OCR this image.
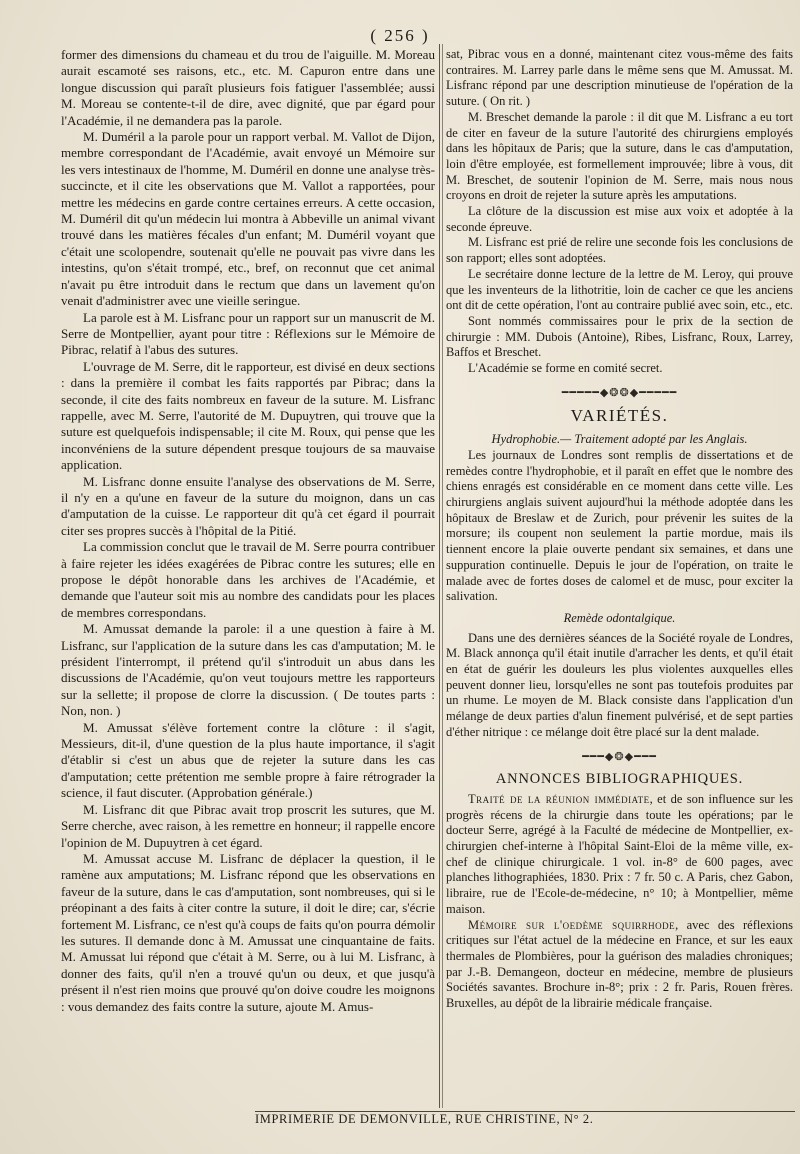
( 256 )

former des dimensions du chameau et du trou de l'aiguille. M. Moreau aurait escamoté ses raisons, etc., etc. M. Capuron entre dans une longue discussion qui paraît plusieurs fois fatiguer l'assemblée; aussi M. Moreau se contente-t-il de dire, avec dignité, que par égard pour l'Académie, il ne demandera pas la parole.

M. Duméril a la parole pour un rapport verbal. M. Vallot de Dijon, membre correspondant de l'Académie, avait envoyé un Mémoire sur les vers intestinaux de l'homme, M. Duméril en donne une analyse très-succincte, et il cite les observations que M. Vallot a rapportées, pour mettre les médecins en garde contre certaines erreurs. A cette occasion, M. Duméril dit qu'un médecin lui montra à Abbeville un animal vivant trouvé dans les matières fécales d'un enfant; M. Duméril voyant que c'était une scolopendre, soutenait qu'elle ne pouvait pas vivre dans les intestins, qu'on s'était trompé, etc., bref, on reconnut que cet animal n'avait pu être introduit dans le rectum que dans un lavement qu'on venait d'administrer avec une vieille seringue.

La parole est à M. Lisfranc pour un rapport sur un manuscrit de M. Serre de Montpellier, ayant pour titre : Réflexions sur le Mémoire de Pibrac, relatif à l'abus des sutures.

L'ouvrage de M. Serre, dit le rapporteur, est divisé en deux sections : dans la première il combat les faits rapportés par Pibrac; dans la seconde, il cite des faits nombreux en faveur de la suture. M. Lisfranc rappelle, avec M. Serre, l'autorité de M. Dupuytren, qui trouve que la suture est quelquefois indispensable; il cite M. Roux, qui pense que les inconvéniens de la suture dépendent presque toujours de sa mauvaise application.

M. Lisfranc donne ensuite l'analyse des observations de M. Serre, il n'y en a qu'une en faveur de la suture du moignon, dans un cas d'amputation de la cuisse. Le rapporteur dit qu'à cet égard il pourrait citer ses propres succès à l'hôpital de la Pitié.

La commission conclut que le travail de M. Serre pourra contribuer à faire rejeter les idées exagérées de Pibrac contre les sutures; elle en propose le dépôt honorable dans les archives de l'Académie, et demande que l'auteur soit mis au nombre des candidats pour les places de membres correspondans.

M. Amussat demande la parole: il a une question à faire à M. Lisfranc, sur l'application de la suture dans les cas d'amputation; M. le président l'interrompt, il prétend qu'il s'introduit un abus dans les discussions de l'Académie, qu'on veut toujours mettre les rapporteurs sur la sellette; il propose de clorre la discussion. ( De toutes parts : Non, non. )

M. Amussat s'élève fortement contre la clôture : il s'agit, Messieurs, dit-il, d'une question de la plus haute importance, il s'agit d'établir si c'est un abus que de rejeter la suture dans les cas d'amputation; cette prétention me semble propre à faire rétrograder la science, il faut discuter. (Approbation générale.)

M. Lisfranc dit que Pibrac avait trop proscrit les sutures, que M. Serre cherche, avec raison, à les remettre en honneur; il rappelle encore l'opinion de M. Dupuytren à cet égard.

M. Amussat accuse M. Lisfranc de déplacer la question, il le ramène aux amputations; M. Lisfranc répond que les observations en faveur de la suture, dans le cas d'amputation, sont nombreuses, qui si le préopinant a des faits à citer contre la suture, il doit le dire; car, s'écrie fortement M. Lisfranc, ce n'est qu'à coups de faits qu'on pourra démolir les sutures. Il demande donc à M. Amussat une cinquantaine de faits. M. Amussat lui répond que c'était à M. Serre, ou à lui M. Lisfranc, à donner des faits, qu'il n'en a trouvé qu'un ou deux, et que jusqu'à présent il n'est rien moins que prouvé qu'on doive coudre les moignons : vous demandez des faits contre la suture, ajoute M. Amus-

sat, Pibrac vous en a donné, maintenant citez vous-même des faits contraires. M. Larrey parle dans le même sens que M. Amussat. M. Lisfranc répond par une description minutieuse de l'opération de la suture. ( On rit. )

M. Breschet demande la parole : il dit que M. Lisfranc a eu tort de citer en faveur de la suture l'autorité des chirurgiens employés dans les hôpitaux de Paris; que la suture, dans le cas d'amputation, loin d'être employée, est formellement improuvée; libre à vous, dit M. Breschet, de soutenir l'opinion de M. Serre, mais nous nous croyons en droit de rejeter la suture après les amputations.

La clôture de la discussion est mise aux voix et adoptée à la seconde épreuve.

M. Lisfranc est prié de relire une seconde fois les conclusions de son rapport; elles sont adoptées.

Le secrétaire donne lecture de la lettre de M. Leroy, qui prouve que les inventeurs de la lithotritie, loin de cacher ce que les anciens ont dit de cette opération, l'ont au contraire publié avec soin, etc., etc.

Sont nommés commissaires pour le prix de la section de chirurgie : MM. Dubois (Antoine), Ribes, Lisfranc, Roux, Larrey, Baffos et Breschet.

L'Académie se forme en comité secret.

━━━━━◆❂❂◆━━━━━
VARIÉTÉS.

Hydrophobie.— Traitement adopté par les Anglais.

Les journaux de Londres sont remplis de dissertations et de remèdes contre l'hydrophobie, et il paraît en effet que le nombre des chiens enragés est considérable en ce moment dans cette ville. Les chirurgiens anglais suivent aujourd'hui la méthode adoptée dans les hôpitaux de Breslaw et de Zurich, pour prévenir les suites de la morsure; ils coupent non seulement la partie mordue, mais ils tiennent encore la plaie ouverte pendant six semaines, et dans une suppuration continuelle. Depuis le jour de l'opération, on traite le malade avec de fortes doses de calomel et de musc, pour exciter la salivation.

Remède odontalgique.

Dans une des dernières séances de la Société royale de Londres, M. Black annonça qu'il était inutile d'arracher les dents, et qu'il était en état de guérir les douleurs les plus violentes auxquelles elles peuvent donner lieu, lorsqu'elles ne sont pas toutefois produites par un rhume. Le moyen de M. Black consiste dans l'application d'un mélange de deux parties d'alun finement pulvérisé, et de sept parties d'éther nitrique : ce mélange doit être placé sur la dent malade.

━━━◆❂◆━━━
ANNONCES BIBLIOGRAPHIQUES.

Traité de la réunion immédiate, et de son influence sur les progrès récens de la chirurgie dans toute les opérations; par le docteur Serre, agrégé à la Faculté de médecine de Montpellier, ex-chirurgien chef-interne à l'hôpital Saint-Eloi de la même ville, ex-chef de clinique chirurgicale. 1 vol. in-8° de 600 pages, avec planches lithographiées, 1830. Prix : 7 fr. 50 c. A Paris, chez Gabon, libraire, rue de l'Ecole-de-médecine, n° 10; à Montpellier, même maison.

Mémoire sur l'oedème squirrhode, avec des réflexions critiques sur l'état actuel de la médecine en France, et sur les eaux thermales de Plombières, pour la guérison des maladies chroniques; par J.-B. Demangeon, docteur en médecine, membre de plusieurs Sociétés savantes. Brochure in-8°; prix : 2 fr. Paris, Rouen frères. Bruxelles, au dépôt de la librairie médicale française.

IMPRIMERIE DE DEMONVILLE, RUE CHRISTINE, N° 2.
